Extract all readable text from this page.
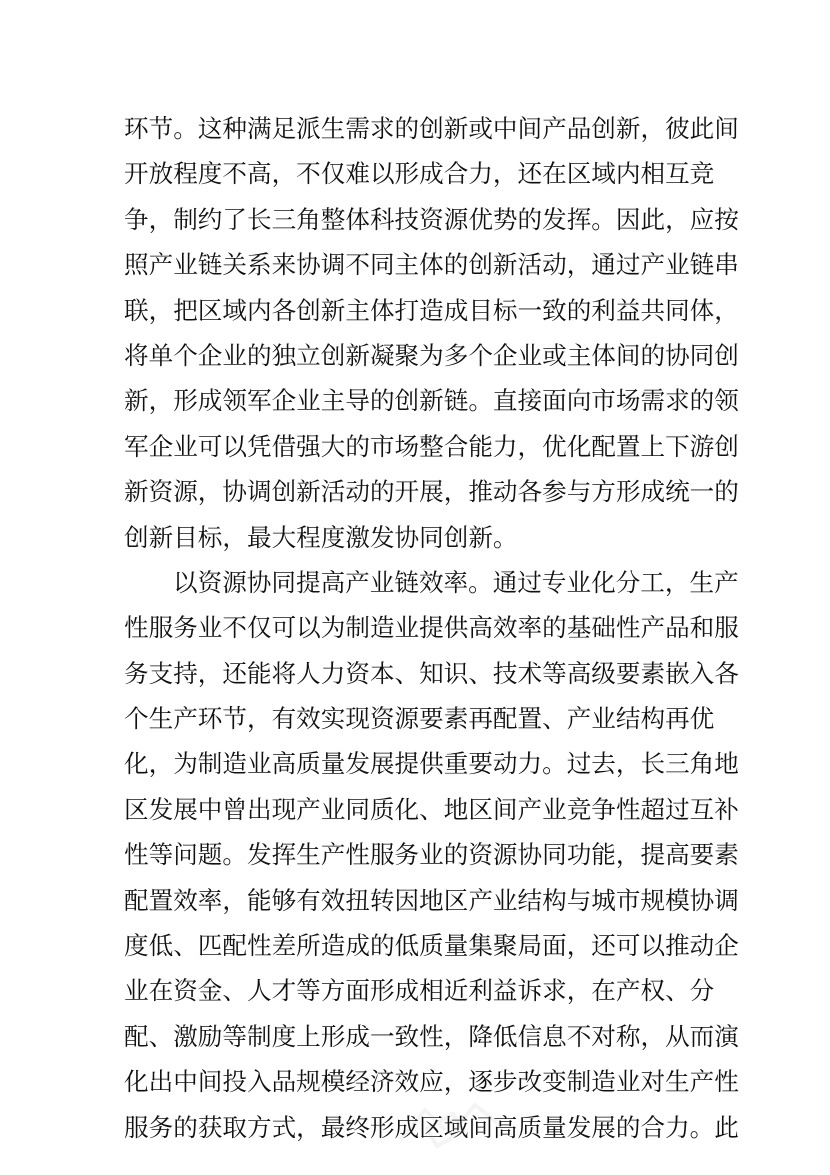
环节。这种满足派生需求的创新或中间产品创新，彼此间
开放程度不高，不仅难以形成合力，还在区域内相互竞
争，制约了长三角整体科技资源优势的发挥。因此，应按
照产业链关系来协调不同主体的创新活动，通过产业链串
联，把区域内各创新主体打造成目标一致的利益共同体，
将单个企业的独立创新凝聚为多个企业或主体间的协同创
新，形成领军企业主导的创新链。直接面向市场需求的领
军企业可以凭借强大的市场整合能力，优化配置上下游创
新资源，协调创新活动的开展，推动各参与方形成统一的
创新目标，最大程度激发协同创新。
以资源协同提高产业链效率。通过专业化分工，生产
性服务业不仅可以为制造业提供高效率的基础性产品和服
务支持，还能将人力资本、知识、技术等高级要素嵌入各
个生产环节，有效实现资源要素再配置、产业结构再优
化，为制造业高质量发展提供重要动力。过去，长三角地
区发展中曾出现产业同质化、地区间产业竞争性超过互补
性等问题。发挥生产性服务业的资源协同功能，提高要素
配置效率，能够有效扭转因地区产业结构与城市规模协调
度低、匹配性差所造成的低质量集聚局面，还可以推动企
业在资金、人才等方面形成相近利益诉求，在产权、分
配、激励等制度上形成一致性，降低信息不对称，从而演
化出中间投入品规模经济效应，逐步改变制造业对生产性
服务的获取方式，最终形成区域间高质量发展的合力。此
